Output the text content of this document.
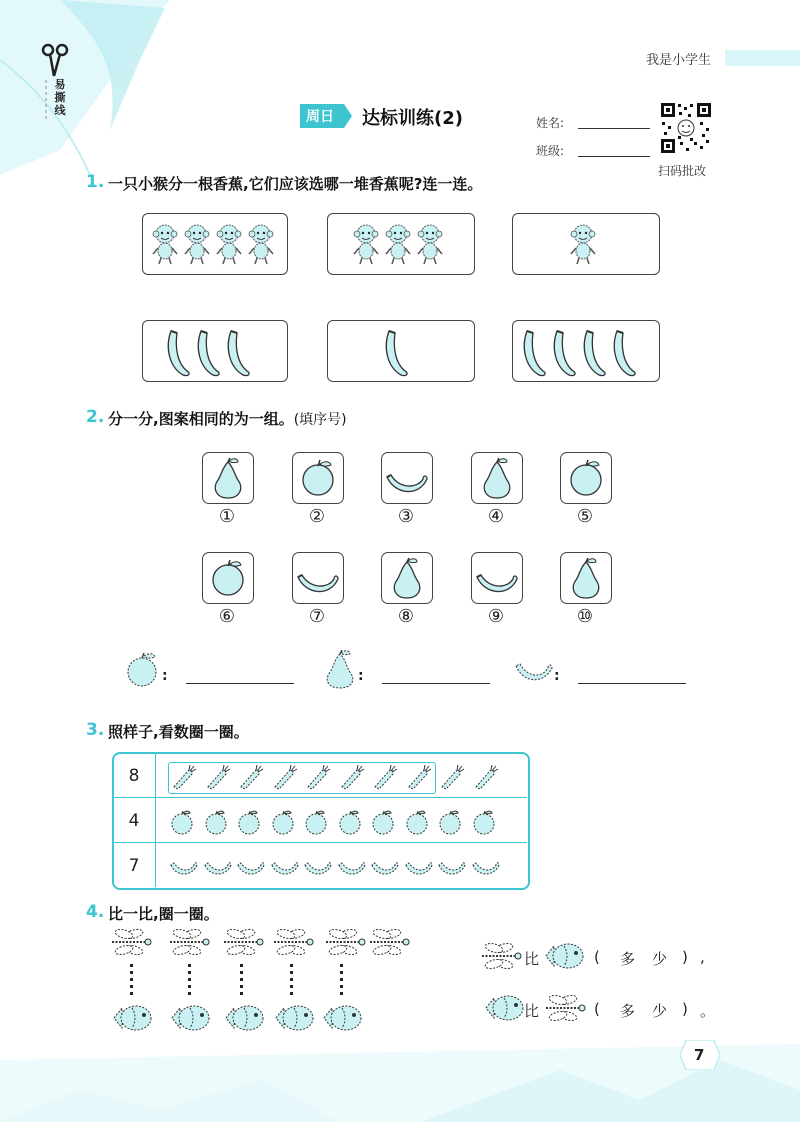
易撕线
我是小学生
周日 达标训练(2)	姓名:
班级:
扫码批改
1. 一只小猴分一根香蕉,它们应该选哪一堆香蕉呢?连一连。
2. 分一分,图案相同的为一组。(填序号)
①	②	③	④	⑤
⑥	⑦	⑧	⑨	⑩
:	:	:
3. 照样子,看数圈一圈。
8
4
7
4. 比一比,圈一圈。
比	( 多 少 ) ,
比	( 多 少 ) 。
7
